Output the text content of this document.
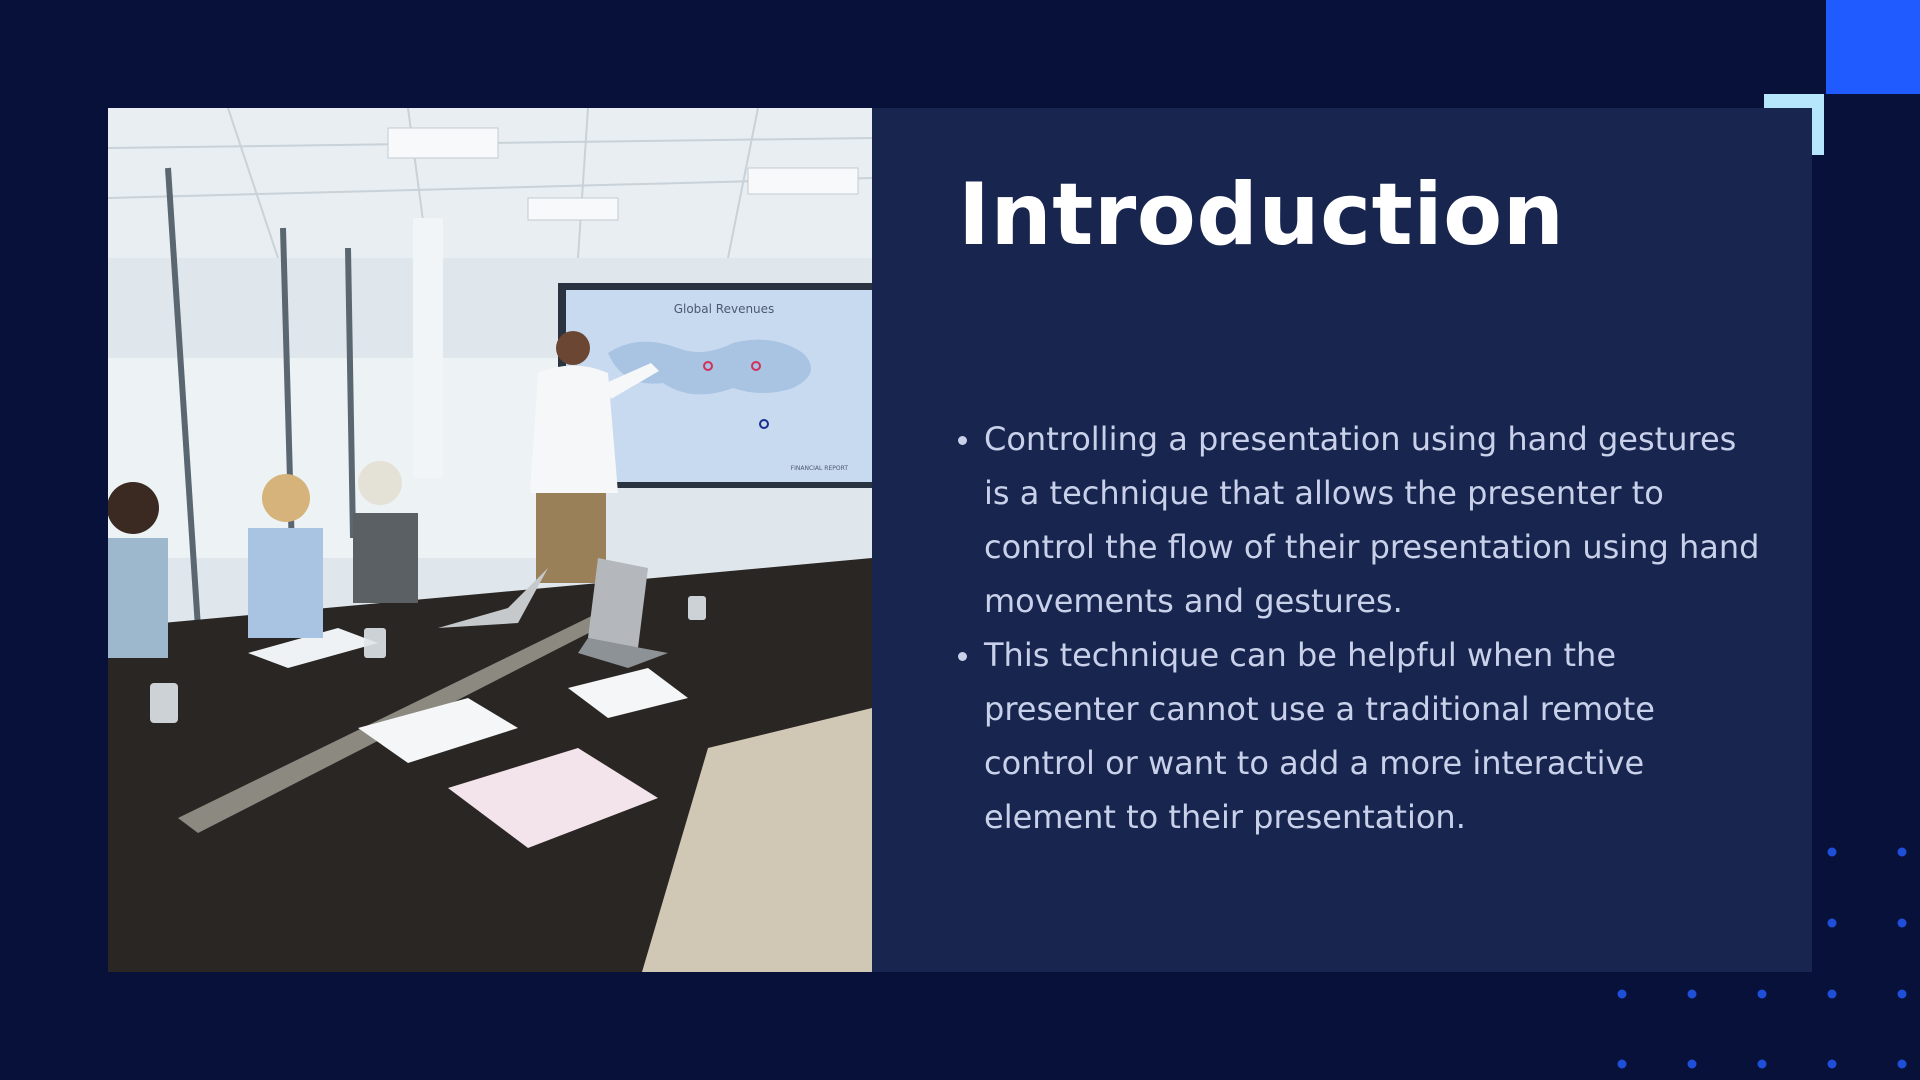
Global Revenues
FINANCIAL REPORT
Introduction
Controlling a presentation using hand gestures is a technique that allows the presenter to control the flow of their presentation using hand movements and gestures.
This technique can be helpful when the presenter cannot use a traditional remote control or want to add a more interactive element to their presentation.
